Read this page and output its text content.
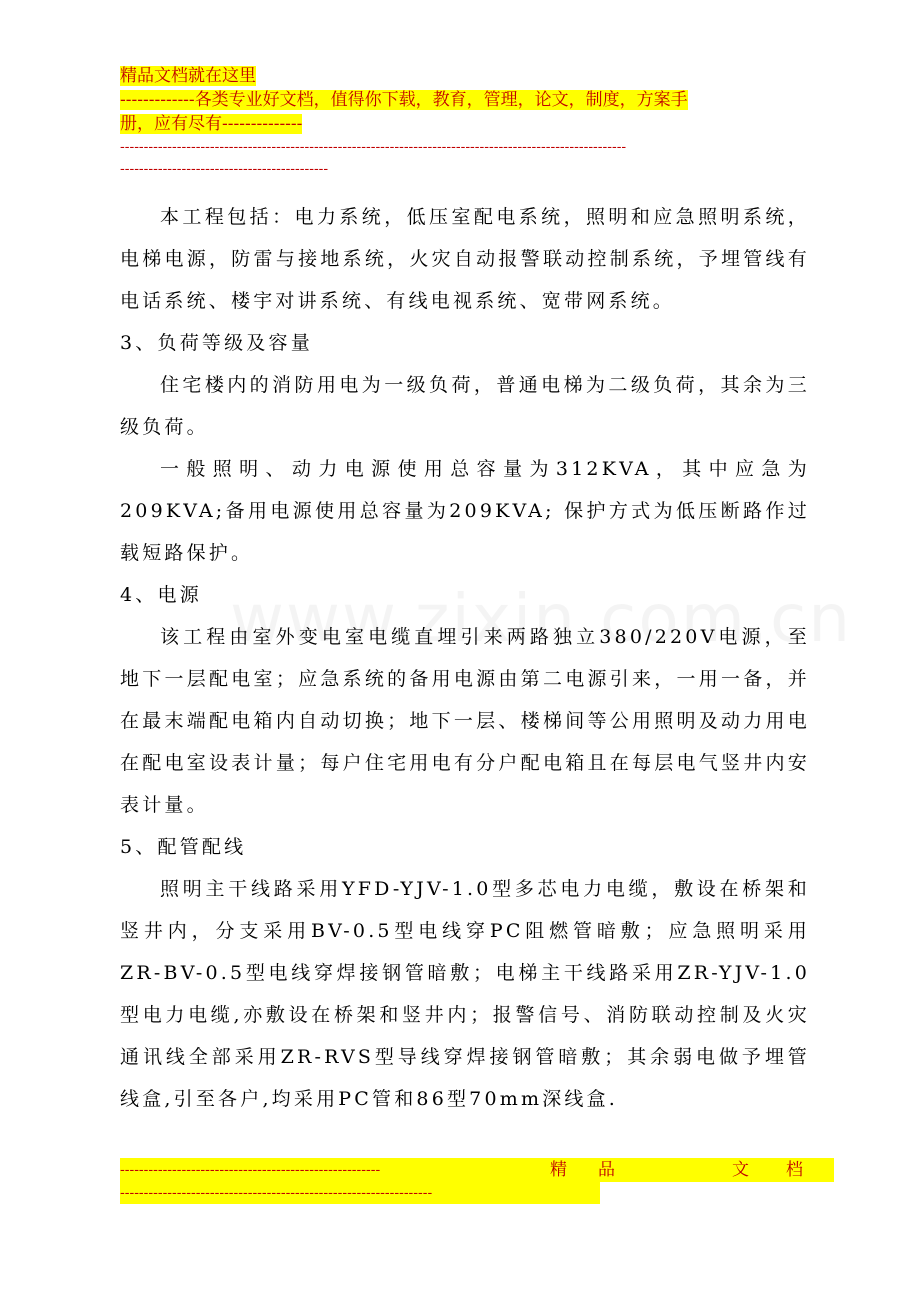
精品文档就在这里
-------------各类专业好文档，值得你下载，教育，管理，论文，制度，方案手
册，应有尽有--------------
-----------------------------------------------------------------------------------------------------------
--------------------------------------------

本工程包括：电力系统，低压室配电系统，照明和应急照明系统，电梯电源，防雷与接地系统，火灾自动报警联动控制系统，予埋管线有电话系统、楼宇对讲系统、有线电视系统、宽带网系统。

3、负荷等级及容量

住宅楼内的消防用电为一级负荷，普通电梯为二级负荷，其余为三级负荷。

一般照明、动力电源使用总容量为312KVA，其中应急为209KVA;备用电源使用总容量为209KVA; 保护方式为低压断路作过载短路保护。

4、电源

该工程由室外变电室电缆直埋引来两路独立380/220V电源，至地下一层配电室；应急系统的备用电源由第二电源引来，一用一备，并在最末端配电箱内自动切换；地下一层、楼梯间等公用照明及动力用电在配电室设表计量；每户住宅用电有分户配电箱且在每层电气竖井内安表计量。

5、配管配线

照明主干线路采用YFD-YJV-1.0型多芯电力电缆，敷设在桥架和竖井内，分支采用BV-0.5型电线穿PC阻燃管暗敷；应急照明采用ZR-BV-0.5型电线穿焊接钢管暗敷；电梯主干线路采用ZR-YJV-1.0型电力电缆,亦敷设在桥架和竖井内；报警信号、消防联动控制及火灾通讯线全部采用ZR-RVS型导线穿焊接钢管暗敷；其余弱电做予埋管线盒,引至各户,均采用PC管和86型70mm深线盒.

-------------------------------------------------------	精 品	文 档
------------------------------------------------------------------
